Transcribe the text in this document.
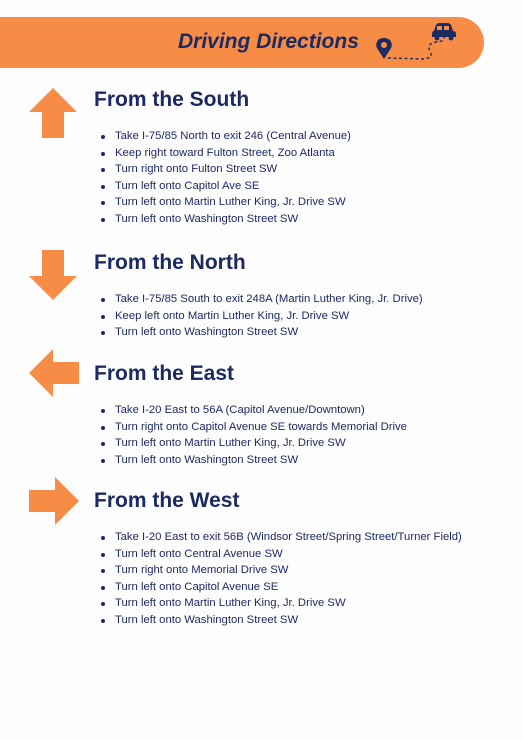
Driving Directions
From the South
Take I-75/85 North to exit 246 (Central Avenue)
Keep right toward Fulton Street, Zoo Atlanta
Turn right onto Fulton Street SW
Turn left onto Capitol Ave SE
Turn left onto Martin Luther King, Jr. Drive SW
Turn left onto Washington Street SW
From the North
Take I-75/85 South to exit 248A (Martin Luther King, Jr. Drive)
Keep left onto Martin Luther King, Jr. Drive SW
Turn left onto Washington Street SW
From the East
Take I-20 East to 56A (Capitol Avenue/Downtown)
Turn right onto Capitol Avenue SE towards Memorial Drive
Turn left onto Martin Luther King, Jr. Drive SW
Turn left onto Washington Street SW
From the West
Take I-20 East to exit 56B (Windsor Street/Spring Street/Turner Field)
Turn left onto Central Avenue SW
Turn right onto Memorial Drive SW
Turn left onto Capitol Avenue SE
Turn left onto Martin Luther King, Jr. Drive SW
Turn left onto Washington Street SW
